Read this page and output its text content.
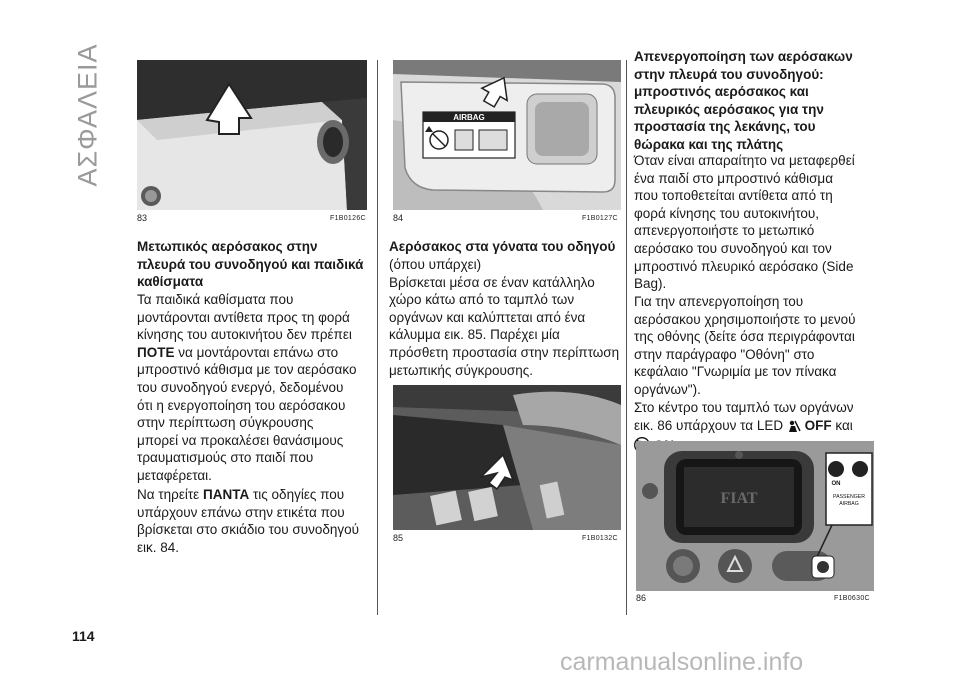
ΑΣΦΑΛΕΙΑ
114
83	F1B0126C
Μετωπικός αερόσακος στην
πλευρά του συνοδηγού και παιδικά
καθίσματα
Τα παιδικά καθίσματα που
μοντάρονται αντίθετα προς τη φορά
κίνησης του αυτοκινήτου δεν πρέπει
ΠΟΤΕ να μοντάρονται επάνω στο
μπροστινό κάθισμα με τον αερόσακο
του συνοδηγού ενεργό, δεδομένου
ότι η ενεργοποίηση του αερόσακου
στην περίπτωση σύγκρουσης
μπορεί να προκαλέσει θανάσιμους
τραυματισμούς στο παιδί που
μεταφέρεται.
Να τηρείτε ΠΑΝΤΑ τις οδηγίες που
υπάρχουν επάνω στην ετικέτα που
βρίσκεται στο σκιάδιο του συνοδηγού
εικ. 84.
AIRBAG
84	F1B0127C
Αερόσακος στα γόνατα του οδηγού
(όπου υπάρχει)
Βρίσκεται μέσα σε έναν κατάλληλο
χώρο κάτω από το ταμπλό των
οργάνων και καλύπτεται από ένα
κάλυμμα εικ. 85. Παρέχει μία
πρόσθετη προστασία στην περίπτωση
μετωπικής σύγκρουσης.
85	F1B0132C
Απενεργοποίηση των αερόσακων
στην πλευρά του συνοδηγού:
μπροστινός αερόσακος και
πλευρικός αερόσακος για την
προστασία της λεκάνης, του
θώρακα και της πλάτης
Όταν είναι απαραίτητο να μεταφερθεί
ένα παιδί στο μπροστινό κάθισμα
που τοποθετείται αντίθετα από τη
φορά κίνησης του αυτοκινήτου,
απενεργοποιήστε το μετωπικό
αερόσακο του συνοδηγού και τον
μπροστινό πλευρικό αερόσακο (Side
Bag).
Για την απενεργοποίηση του
αερόσακου χρησιμοποιήστε το μενού
της οθόνης (δείτε όσα περιγράφονται
στην παράγραφο "Οθόνη" στο
κεφάλαιο "Γνωριμία με τον πίνακα
οργάνων").
Στο κέντρο του ταμπλό των οργάνων
εικ. 86 υπάρχουν τα LED  OFF και
FIAT
ON
PASSENGER
AIRBAG
86	F1B0630C
carmanualsonline.info
